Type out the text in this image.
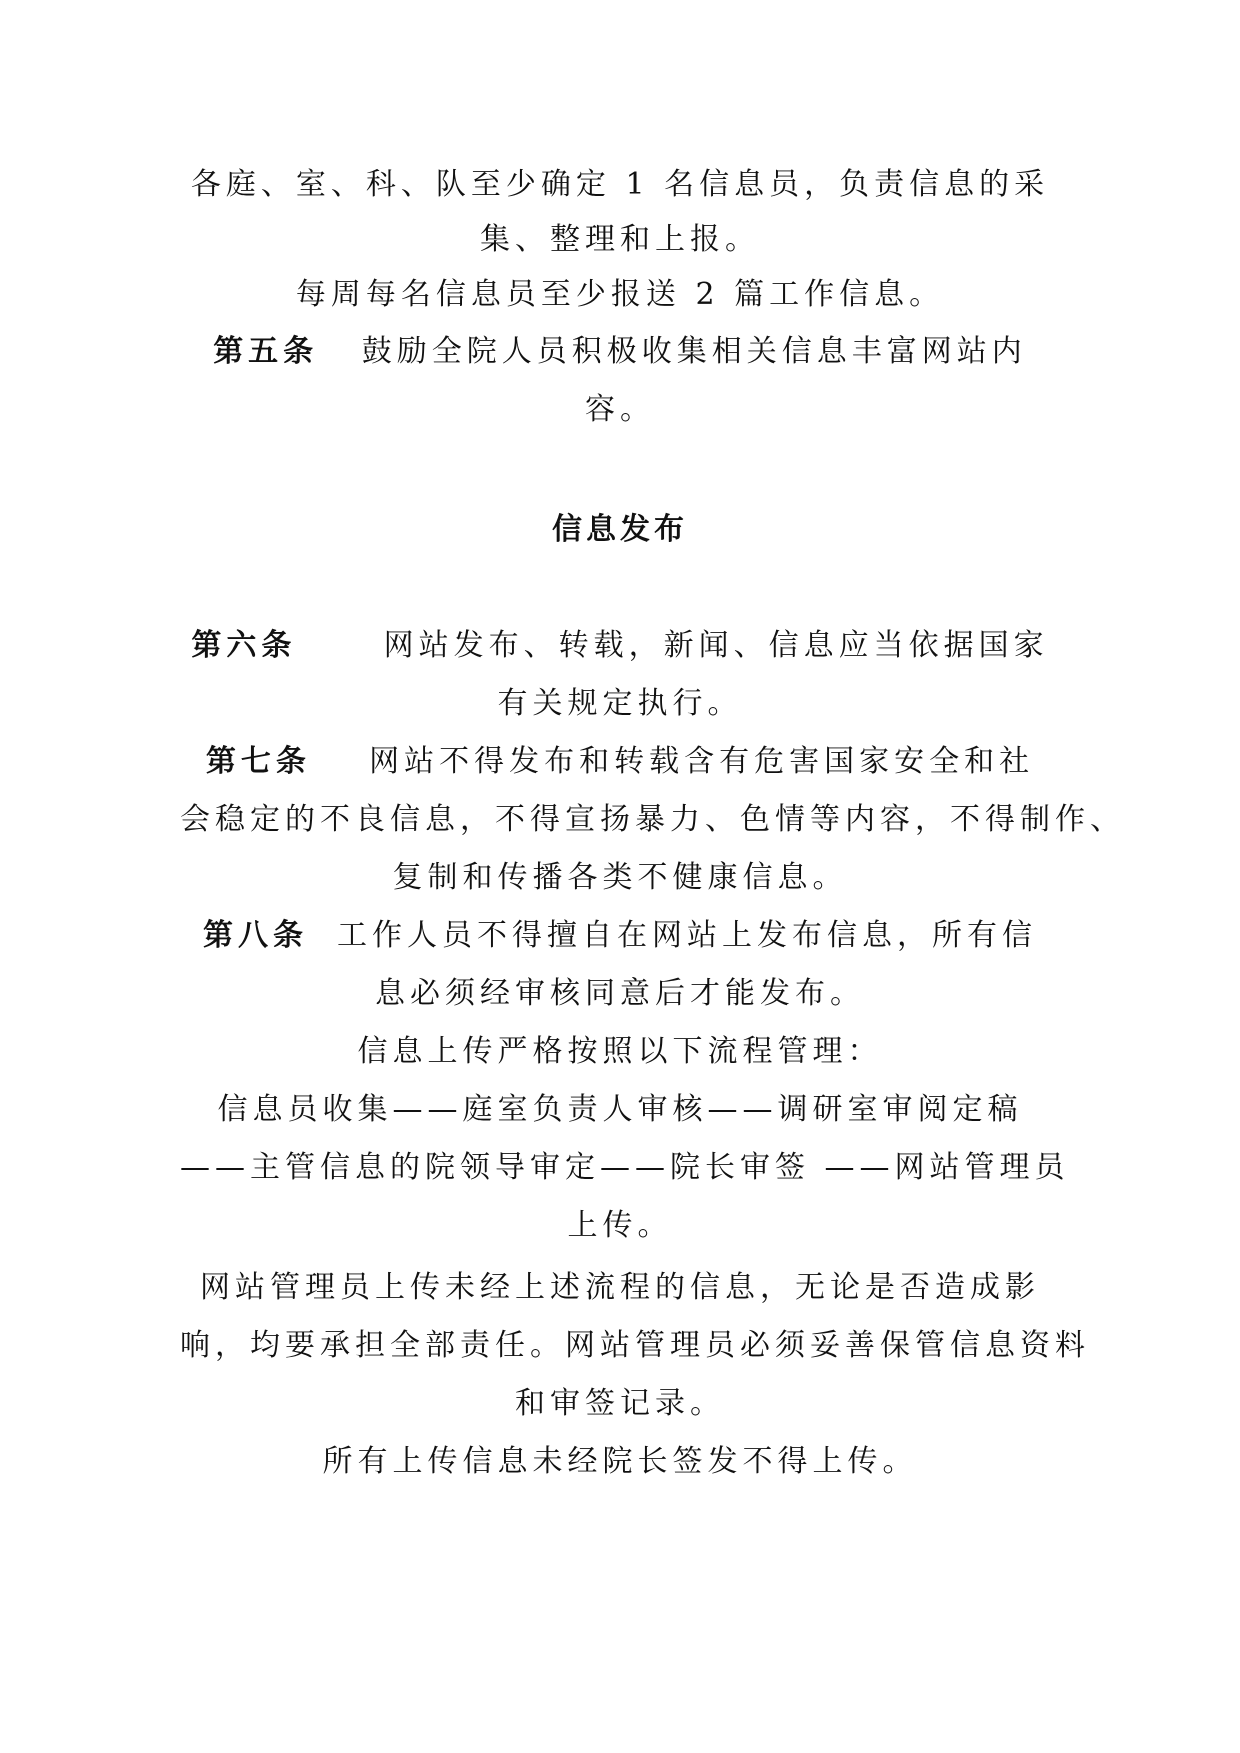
各庭、室、科、队至少确定 1 名信息员，负责信息的采
集、整理和上报。
每周每名信息员至少报送 2 篇工作信息。
第五条 鼓励全院人员积极收集相关信息丰富网站内
容。
信息发布
第六条	网站发布、转载，新闻、信息应当依据国家
有关规定执行。
第七条 网站不得发布和转载含有危害国家安全和社
会稳定的不良信息，不得宣扬暴力、色情等内容，不得制作、
复制和传播各类不健康信息。
第八条 工作人员不得擅自在网站上发布信息，所有信
息必须经审核同意后才能发布。
信息上传严格按照以下流程管理：
信息员收集——庭室负责人审核——调研室审阅定稿
——主管信息的院领导审定——院长审签 ——网站管理员
上传。
网站管理员上传未经上述流程的信息，无论是否造成影
响，均要承担全部责任。网站管理员必须妥善保管信息资料
和审签记录。
所有上传信息未经院长签发不得上传。
